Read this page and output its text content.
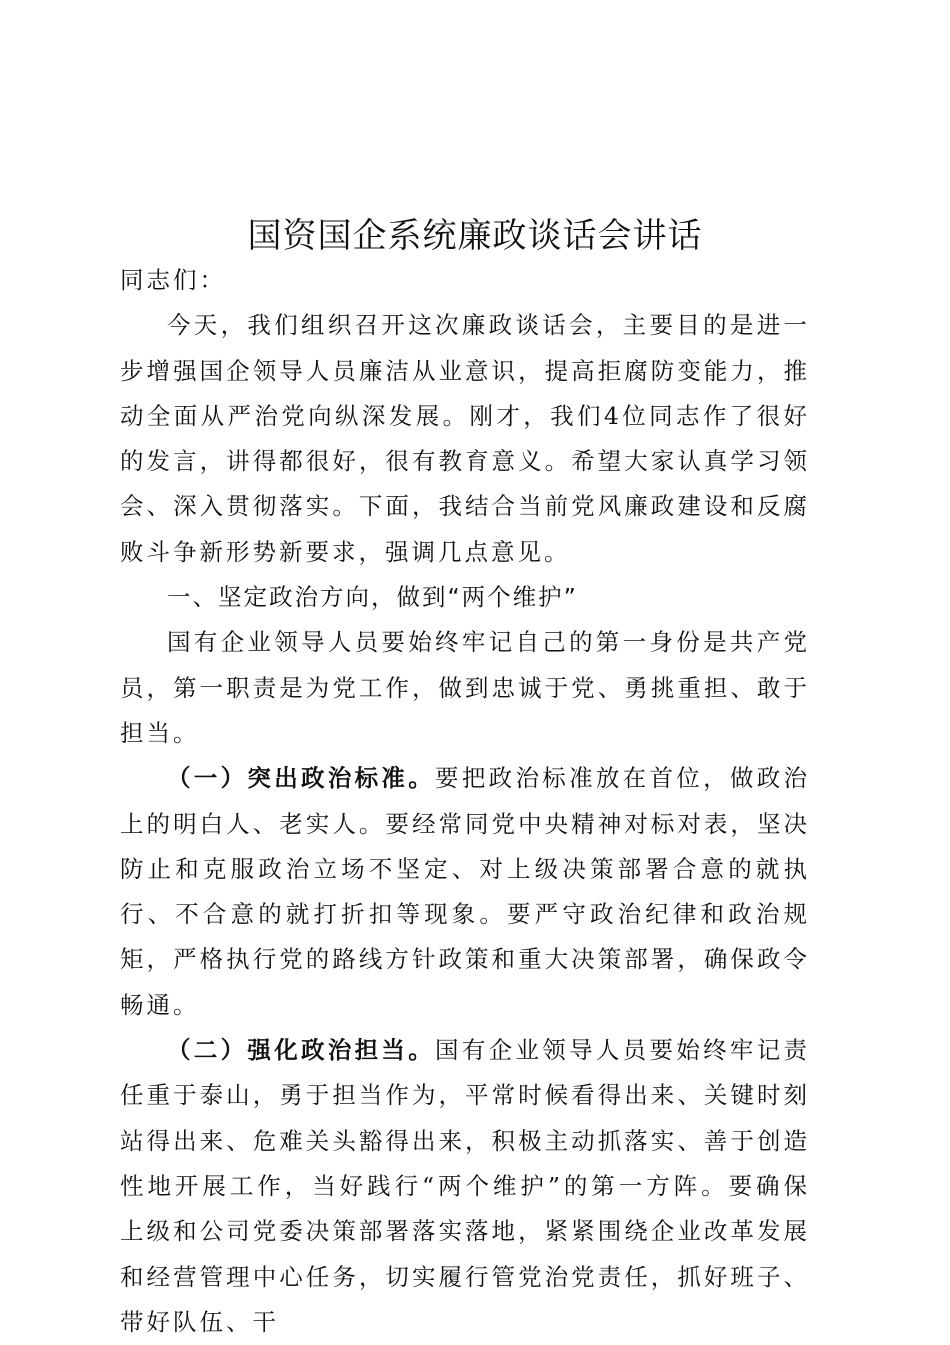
国资国企系统廉政谈话会讲话

同志们：

今天，我们组织召开这次廉政谈话会，主要目的是进一步增强国企领导人员廉洁从业意识，提高拒腐防变能力，推动全面从严治党向纵深发展。刚才，我们4位同志作了很好的发言，讲得都很好，很有教育意义。希望大家认真学习领会、深入贯彻落实。下面，我结合当前党风廉政建设和反腐败斗争新形势新要求，强调几点意见。

一、坚定政治方向，做到“两个维护”

国有企业领导人员要始终牢记自己的第一身份是共产党员，第一职责是为党工作，做到忠诚于党、勇挑重担、敢于担当。

（一）突出政治标准。要把政治标准放在首位，做政治上的明白人、老实人。要经常同党中央精神对标对表，坚决防止和克服政治立场不坚定、对上级决策部署合意的就执行、不合意的就打折扣等现象。要严守政治纪律和政治规矩，严格执行党的路线方针政策和重大决策部署，确保政令畅通。

（二）强化政治担当。国有企业领导人员要始终牢记责任重于泰山，勇于担当作为，平常时候看得出来、关键时刻站得出来、危难关头豁得出来，积极主动抓落实、善于创造性地开展工作，当好践行“两个维护”的第一方阵。要确保上级和公司党委决策部署落实落地，紧紧围绕企业改革发展和经营管理中心任务，切实履行管党治党责任，抓好班子、带好队伍、干
